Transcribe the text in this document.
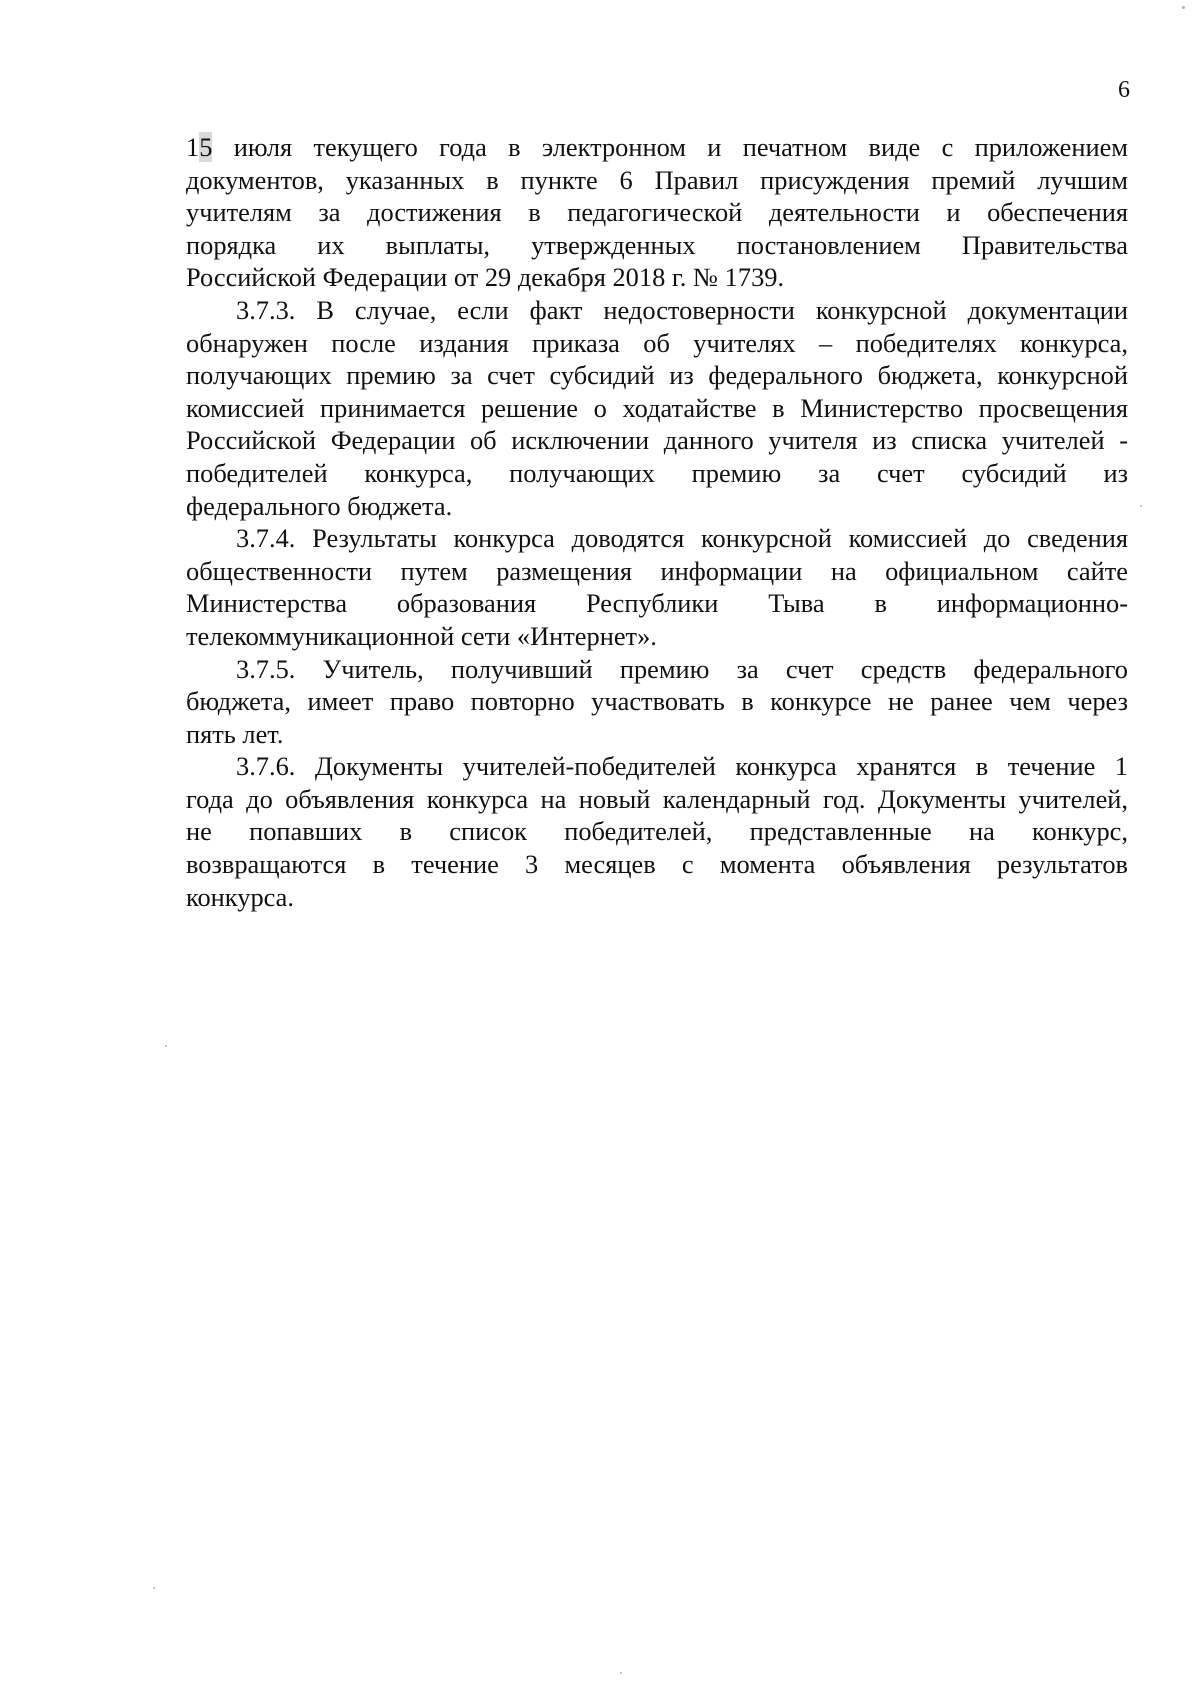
6
15 июля текущего года в электронном и печатном виде с приложением
документов, указанных в пункте 6 Правил присуждения премий лучшим
учителям за достижения в педагогической деятельности и обеспечения
порядка их выплаты, утвержденных постановлением Правительства
Российской Федерации от 29 декабря 2018 г. № 1739.
3.7.3. В случае, если факт недостоверности конкурсной документации
обнаружен после издания приказа об учителях – победителях конкурса,
получающих премию за счет субсидий из федерального бюджета, конкурсной
комиссией принимается решение о ходатайстве в Министерство просвещения
Российской Федерации об исключении данного учителя из списка учителей -
победителей конкурса, получающих премию за счет субсидий из
федерального бюджета.
3.7.4. Результаты конкурса доводятся конкурсной комиссией до сведения
общественности путем размещения информации на официальном сайте
Министерства образования Республики Тыва в информационно-
телекоммуникационной сети «Интернет».
3.7.5. Учитель, получивший премию за счет средств федерального
бюджета, имеет право повторно участвовать в конкурсе не ранее чем через
пять лет.
3.7.6. Документы учителей-победителей конкурса хранятся в течение 1
года до объявления конкурса на новый календарный год. Документы учителей,
не попавших в список победителей, представленные на конкурс,
возвращаются в течение 3 месяцев с момента объявления результатов
конкурса.
